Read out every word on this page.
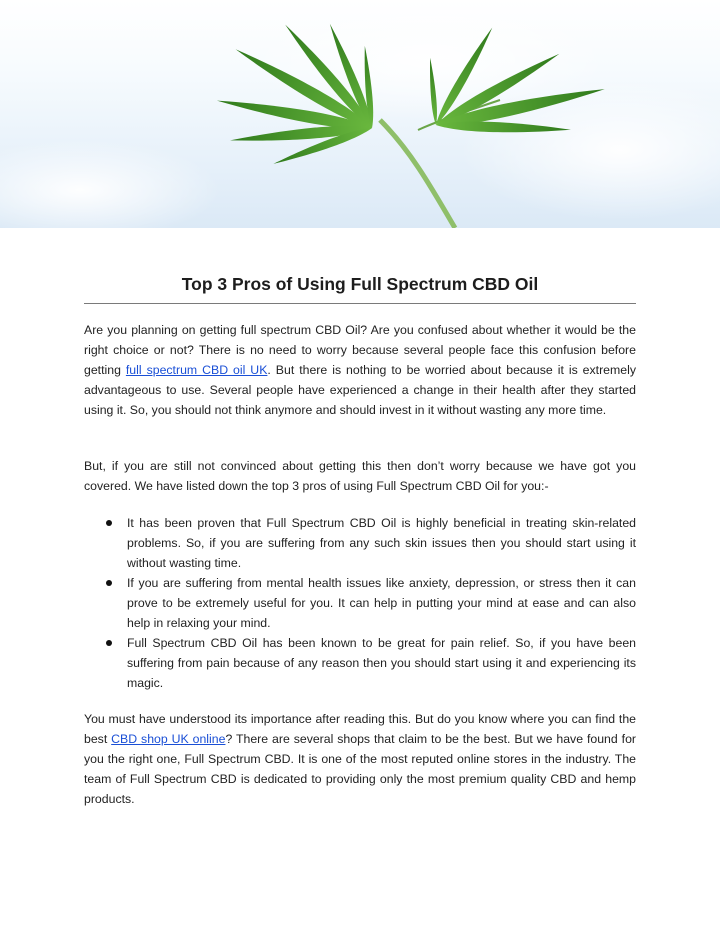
Top 3 Pros of Using Full Spectrum CBD Oil

Are you planning on getting full spectrum CBD Oil? Are you confused about whether it would be the right choice or not? There is no need to worry because several people face this confusion before getting full spectrum CBD oil UK. But there is nothing to be worried about because it is extremely advantageous to use. Several people have experienced a change in their health after they started using it. So, you should not think anymore and should invest in it without wasting any more time.

But, if you are still not convinced about getting this then don’t worry because we have got you covered. We have listed down the top 3 pros of using Full Spectrum CBD Oil for you:-

It has been proven that Full Spectrum CBD Oil is highly beneficial in treating skin-related problems. So, if you are suffering from any such skin issues then you should start using it without wasting time.
If you are suffering from mental health issues like anxiety, depression, or stress then it can prove to be extremely useful for you. It can help in putting your mind at ease and can also help in relaxing your mind.
Full Spectrum CBD Oil has been known to be great for pain relief. So, if you have been suffering from pain because of any reason then you should start using it and experiencing its magic.

You must have understood its importance after reading this. But do you know where you can find the best CBD shop UK online? There are several shops that claim to be the best. But we have found for you the right one, Full Spectrum CBD. It is one of the most reputed online stores in the industry. The team of Full Spectrum CBD is dedicated to providing only the most premium quality CBD and hemp products.
